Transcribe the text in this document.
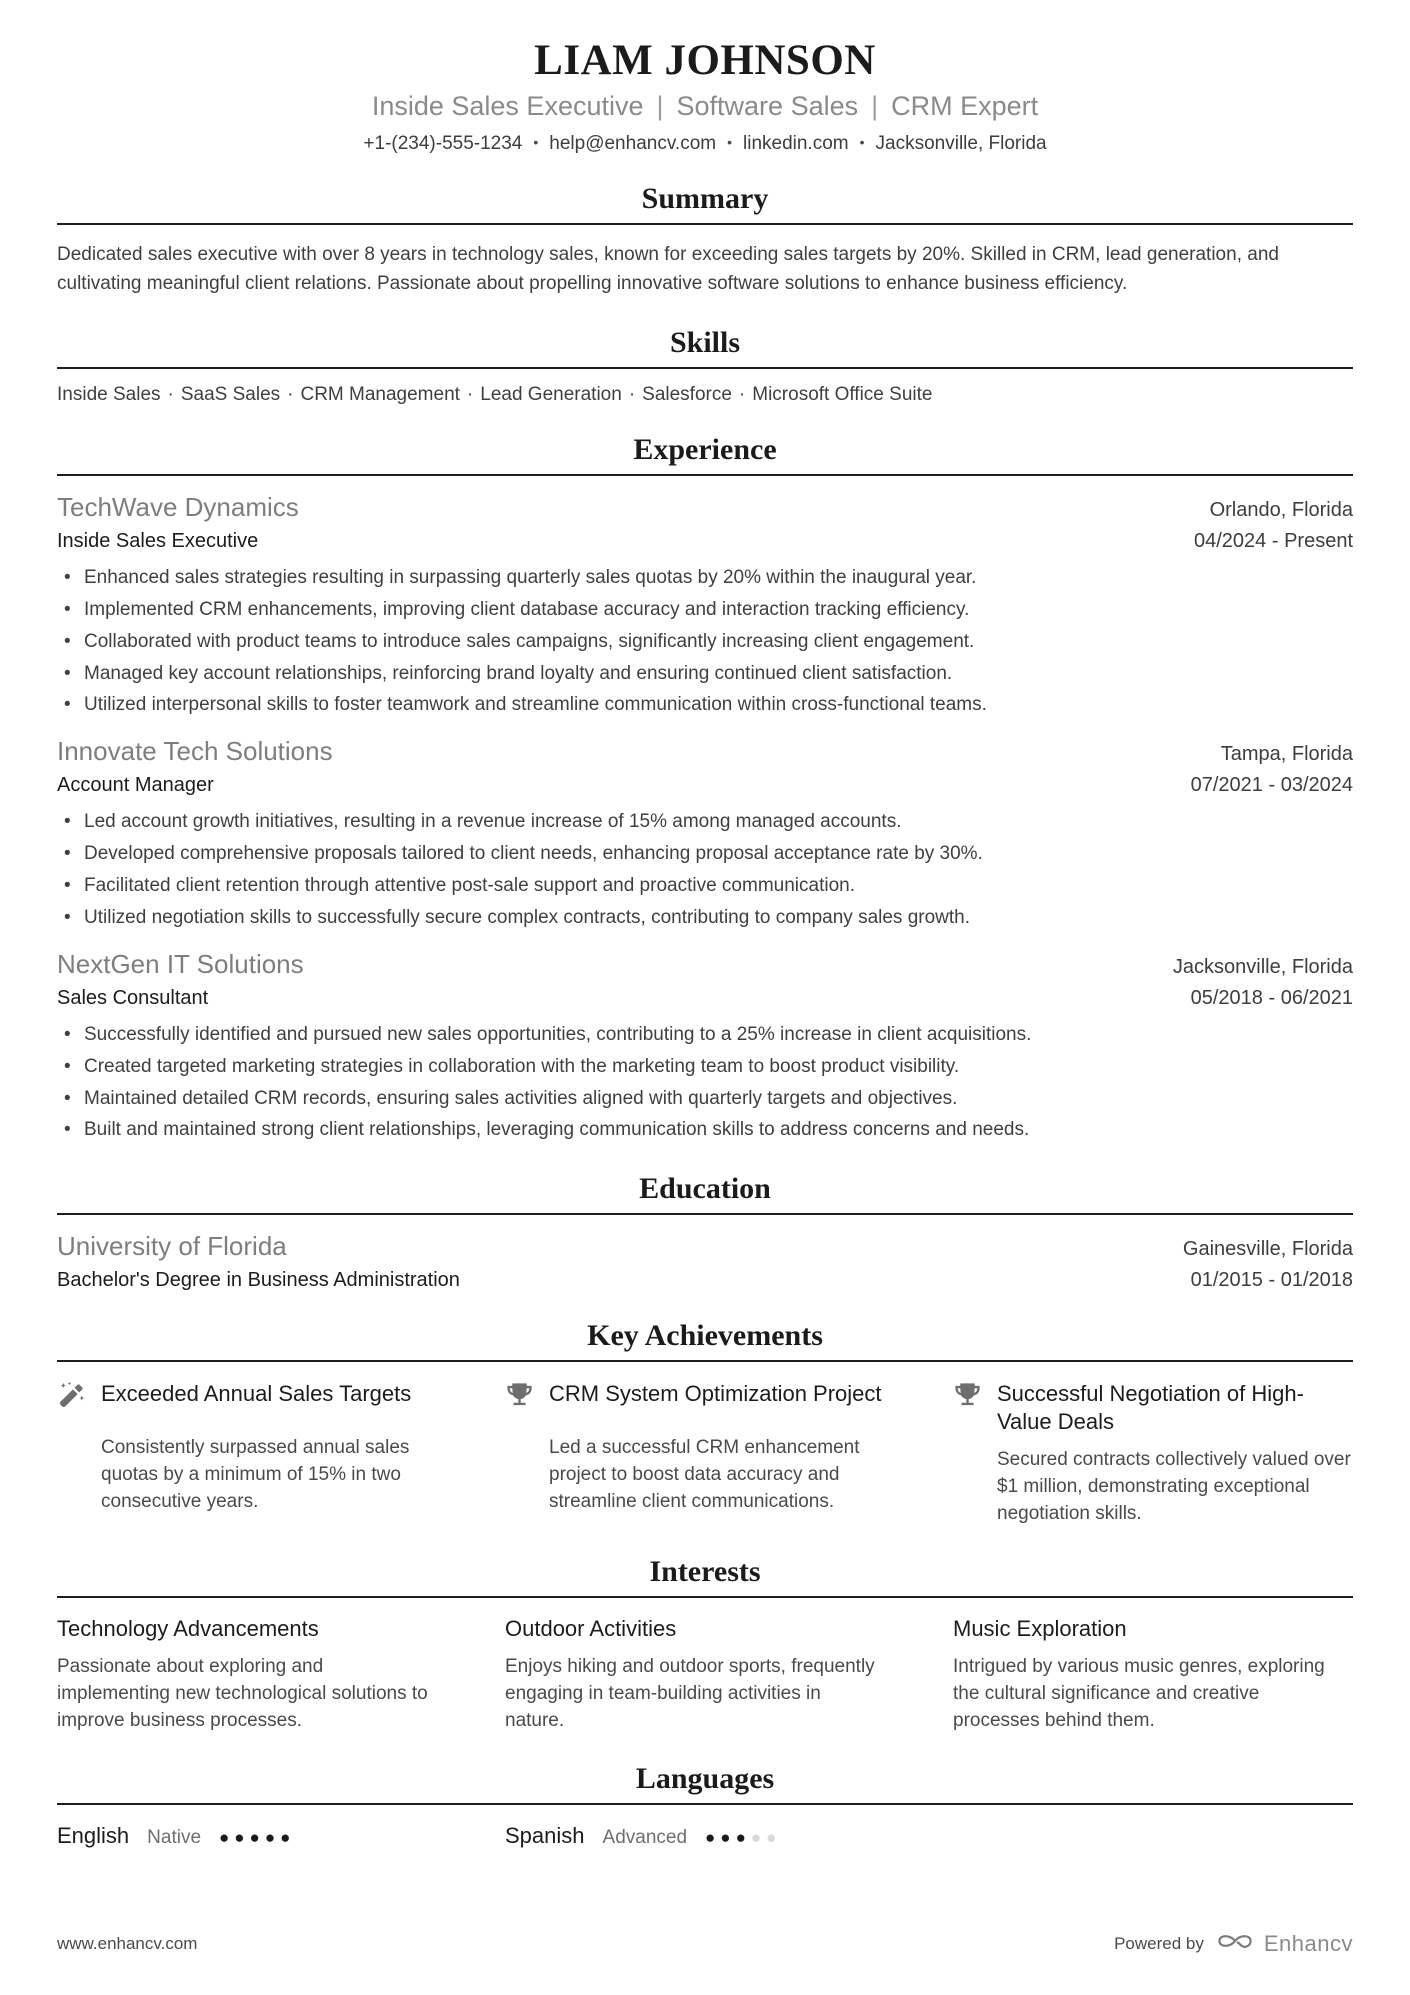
LIAM JOHNSON
Inside Sales Executive | Software Sales | CRM Expert
+1-(234)-555-1234 • help@enhancv.com • linkedin.com • Jacksonville, Florida
Summary
Dedicated sales executive with over 8 years in technology sales, known for exceeding sales targets by 20%. Skilled in CRM, lead generation, and cultivating meaningful client relations. Passionate about propelling innovative software solutions to enhance business efficiency.
Skills
Inside Sales · SaaS Sales · CRM Management · Lead Generation · Salesforce · Microsoft Office Suite
Experience
TechWave Dynamics	Orlando, Florida
Inside Sales Executive	04/2024 - Present
• Enhanced sales strategies resulting in surpassing quarterly sales quotas by 20% within the inaugural year.
• Implemented CRM enhancements, improving client database accuracy and interaction tracking efficiency.
• Collaborated with product teams to introduce sales campaigns, significantly increasing client engagement.
• Managed key account relationships, reinforcing brand loyalty and ensuring continued client satisfaction.
• Utilized interpersonal skills to foster teamwork and streamline communication within cross-functional teams.
Innovate Tech Solutions	Tampa, Florida
Account Manager	07/2021 - 03/2024
• Led account growth initiatives, resulting in a revenue increase of 15% among managed accounts.
• Developed comprehensive proposals tailored to client needs, enhancing proposal acceptance rate by 30%.
• Facilitated client retention through attentive post-sale support and proactive communication.
• Utilized negotiation skills to successfully secure complex contracts, contributing to company sales growth.
NextGen IT Solutions	Jacksonville, Florida
Sales Consultant	05/2018 - 06/2021
• Successfully identified and pursued new sales opportunities, contributing to a 25% increase in client acquisitions.
• Created targeted marketing strategies in collaboration with the marketing team to boost product visibility.
• Maintained detailed CRM records, ensuring sales activities aligned with quarterly targets and objectives.
• Built and maintained strong client relationships, leveraging communication skills to address concerns and needs.
Education
University of Florida	Gainesville, Florida
Bachelor's Degree in Business Administration	01/2015 - 01/2018
Key Achievements
Exceeded Annual Sales Targets
Consistently surpassed annual sales quotas by a minimum of 15% in two consecutive years.
CRM System Optimization Project
Led a successful CRM enhancement project to boost data accuracy and streamline client communications.
Successful Negotiation of High-Value Deals
Secured contracts collectively valued over $1 million, demonstrating exceptional negotiation skills.
Interests
Technology Advancements
Passionate about exploring and implementing new technological solutions to improve business processes.
Outdoor Activities
Enjoys hiking and outdoor sports, frequently engaging in team-building activities in nature.
Music Exploration
Intrigued by various music genres, exploring the cultural significance and creative processes behind them.
Languages
English Native ●●●●●	Spanish Advanced ●●●●●
www.enhancv.com	Powered by	Enhancv
